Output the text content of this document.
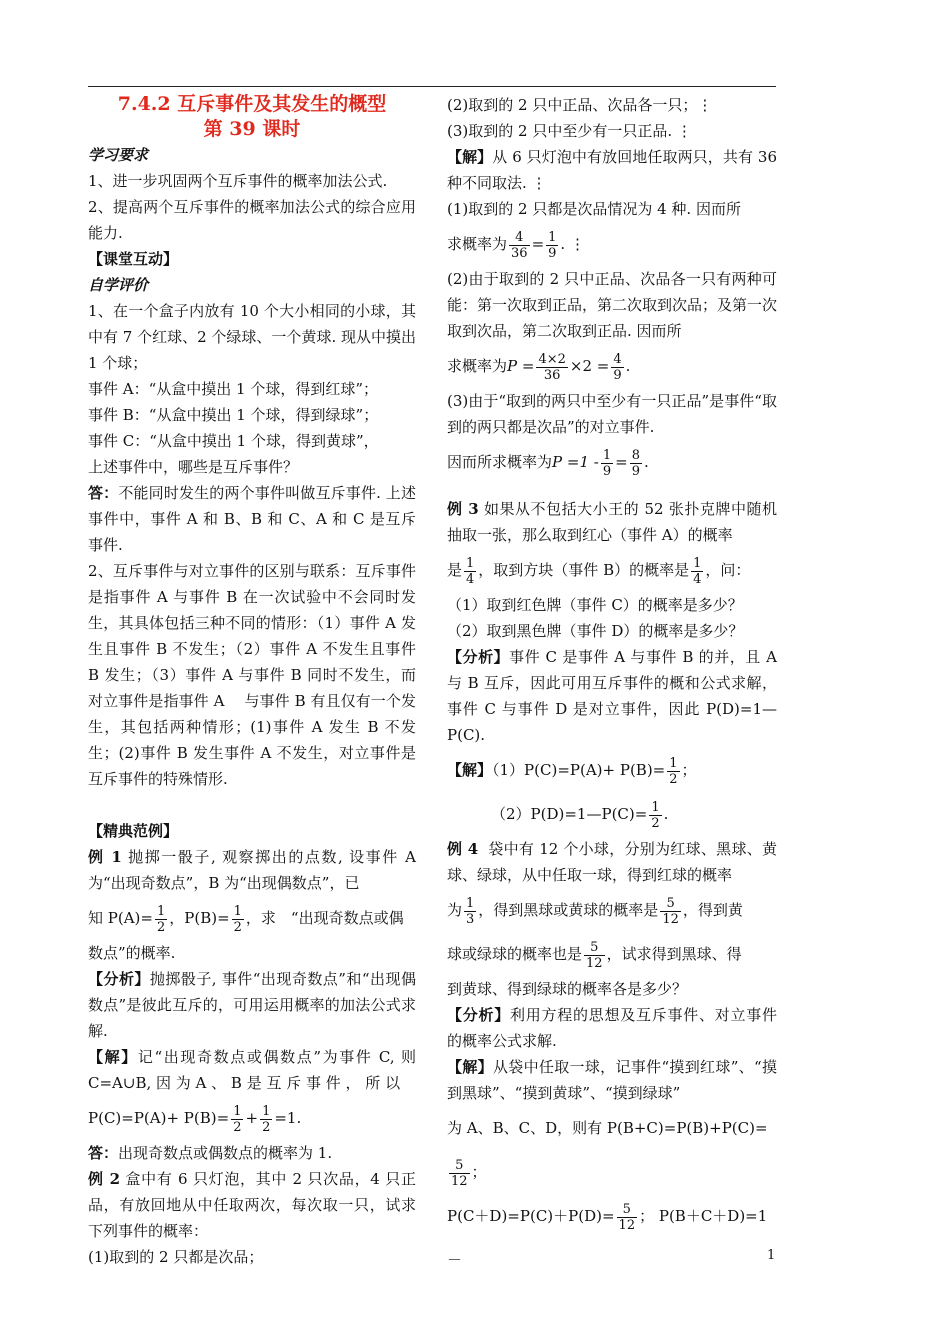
7.4.2 互斥事件及其发生的概型
第 39 课时

学习要求

1、进一步巩固两个互斥事件的概率加法公式.

2、提高两个互斥事件的概率加法公式的综合应用能力.

【课堂互动】

自学评价

1、在一个盒子内放有 10 个大小相同的小球，其中有 7 个红球、2 个绿球、一个黄球. 现从中摸出 1 个球；

事件 A：“从盒中摸出 1 个球，得到红球”；

事件 B：“从盒中摸出 1 个球，得到绿球”；

事件 C：“从盒中摸出 1 个球，得到黄球”，

上述事件中，哪些是互斥事件？

答：不能同时发生的两个事件叫做互斥事件. 上述事件中，事件 A 和 B、B 和 C、A 和 C 是互斥事件.

2、互斥事件与对立事件的区别与联系：互斥事件是指事件 A 与事件 B 在一次试验中不会同时发生，其具体包括三种不同的情形：（1）事件 A 发生且事件 B 不发生；（2）事件 A 不发生且事件 B 发生；（3）事件 A 与事件 B 同时不发生，而对立事件是指事件 A　 与事件 B 有且仅有一个发生，其包括两种情形；(1)事件 A 发生 B 不发生；(2)事件 B 发生事件 A 不发生，对立事件是互斥事件的特殊情形.

【精典范例】

例 1 抛掷一骰子, 观察掷出的点数, 设事件 A 为“出现奇数点”，B 为“出现偶数点”，已

知 $P(A)= \frac{1}{2}$ ，$P(B)= \frac{1}{2}$ ，求　“出现奇数点或偶

数点”的概率.

【分析】抛掷骰子, 事件“出现奇数点”和“出现偶数点”是彼此互斥的，可用运用概率的加法公式求解.

【解】记“出现奇数点或偶数点”为事件 C, 则 C=A∪B, 因 为 A 、 B 是 互 斥 事 件 ， 所 以

$P(C)=P(A)+ P(B)= \frac{1}{2} + \frac{1}{2} =1$.

答：出现奇数点或偶数点的概率为 1.

例 2 盒中有 6 只灯泡，其中 2 只次品，4 只正品，有放回地从中任取两次，每次取一只，试求下列事件的概率：

(1)取到的 2 只都是次品；

(2)取到的 2 只中正品、次品各一只；⋮

(3)取到的 2 只中至少有一只正品. ⋮

【解】从 6 只灯泡中有放回地任取两只，共有 36 种不同取法. ⋮

(1)取到的 2 只都是次品情况为 4 种. 因而所

求概率为 $\frac{4}{36} = \frac{1}{9}$ . ⋮

(2)由于取到的 2 只中正品、次品各一只有两种可能：第一次取到正品，第二次取到次品；及第一次取到次品，第二次取到正品. 因而所

求概率为$P = \frac{4\times 2}{36} \times 2 = \frac{4}{9}$ .

(3)由于“取到的两只中至少有一只正品”是事件“取到的两只都是次品”的对立事件.

因而所求概率为$P =1 - \frac{1}{9} = \frac{8}{9}$ .

例 3 如果从不包括大小王的 52 张扑克牌中随机抽取一张，那么取到红心（事件 A）的概率

是 $\frac{1}{4}$ ，取到方块（事件 B）的概率是 $\frac{1}{4}$ ，问：

（1）取到红色牌（事件 C）的概率是多少？

（2）取到黑色牌（事件 D）的概率是多少？

【分析】事件 C 是事件 A 与事件 B 的并，且 A 与 B 互斥，因此可用互斥事件的概和公式求解，事件 C 与事件 D 是对立事件，因此 P(D)=1—P(C).

【解】$(1)P(C)=P(A)+ P(B)= \frac{1}{2}$ ；

（2）P(D)=1—P(C)= $\frac{1}{2}$ .

例 4 袋中有 12 个小球，分别为红球、黑球、黄球、绿球，从中任取一球，得到红球的概率

为 $\frac{1}{3}$ ，得到黑球或黄球的概率是 $\frac{5}{12}$ ，得到黄

球或绿球的概率也是 $\frac{5}{12}$ ，试求得到黑球、得

到黄球、得到绿球的概率各是多少？

【分析】利用方程的思想及互斥事件、对立事件的概率公式求解.

【解】从袋中任取一球，记事件“摸到红球”、“摸到黑球”、“摸到黄球”、“摸到绿球”

为 A、B、C、D，则有 P(B+C)=P(B)+P(C)=
$\frac{5}{12}$ ；

$P(C+D)=P(C)+P(D)= \frac{5}{12}$ ； P(B＋C＋D)=1－	1
